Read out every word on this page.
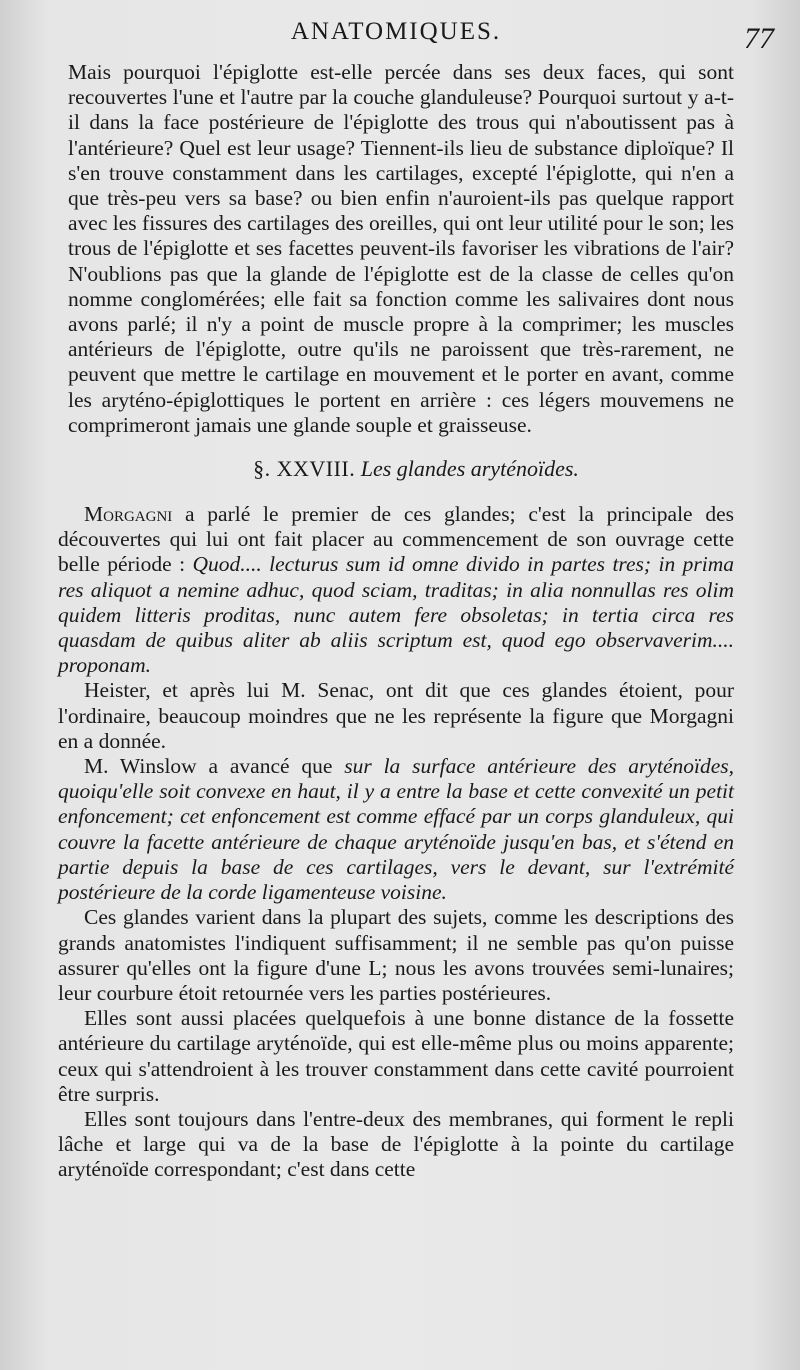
ANATOMIQUES.	77

Mais pourquoi l'épiglotte est-elle percée dans ses deux faces, qui sont recouvertes l'une et l'autre par la couche glanduleuse? Pourquoi surtout y a-t-il dans la face postérieure de l'épiglotte des trous qui n'aboutissent pas à l'antérieure? Quel est leur usage? Tiennent-ils lieu de substance diploïque? Il s'en trouve constamment dans les cartilages, excepté l'épiglotte, qui n'en a que très-peu vers sa base? ou bien enfin n'auroient-ils pas quelque rapport avec les fissures des cartilages des oreilles, qui ont leur utilité pour le son; les trous de l'épiglotte et ses facettes peuvent-ils favoriser les vibrations de l'air? N'oublions pas que la glande de l'épiglotte est de la classe de celles qu'on nomme conglomérées; elle fait sa fonction comme les salivaires dont nous avons parlé; il n'y a point de muscle propre à la comprimer; les muscles antérieurs de l'épiglotte, outre qu'ils ne paroissent que très-rarement, ne peuvent que mettre le cartilage en mouvement et le porter en avant, comme les aryténo-épiglottiques le portent en arrière : ces légers mouvemens ne comprimeront jamais une glande souple et graisseuse.

§. XXVIII. Les glandes aryténoïdes.

Morgagni a parlé le premier de ces glandes; c'est la principale des découvertes qui lui ont fait placer au commencement de son ouvrage cette belle période : Quod.... lecturus sum id omne divido in partes tres; in prima res aliquot a nemine adhuc, quod sciam, traditas; in alia nonnullas res olim quidem litteris proditas, nunc autem fere obsoletas; in tertia circa res quasdam de quibus aliter ab aliis scriptum est, quod ego observaverim.... proponam.

Heister, et après lui M. Senac, ont dit que ces glandes étoient, pour l'ordinaire, beaucoup moindres que ne les représente la figure que Morgagni en a donnée.

M. Winslow a avancé que sur la surface antérieure des aryténoïdes, quoiqu'elle soit convexe en haut, il y a entre la base et cette convexité un petit enfoncement; cet enfoncement est comme effacé par un corps glanduleux, qui couvre la facette antérieure de chaque aryténoïde jusqu'en bas, et s'étend en partie depuis la base de ces cartilages, vers le devant, sur l'extrémité postérieure de la corde ligamenteuse voisine.

Ces glandes varient dans la plupart des sujets, comme les descriptions des grands anatomistes l'indiquent suffisamment; il ne semble pas qu'on puisse assurer qu'elles ont la figure d'une L; nous les avons trouvées semi-lunaires; leur courbure étoit retournée vers les parties postérieures.

Elles sont aussi placées quelquefois à une bonne distance de la fossette antérieure du cartilage aryténoïde, qui est elle-même plus ou moins apparente; ceux qui s'attendroient à les trouver constamment dans cette cavité pourroient être surpris.

Elles sont toujours dans l'entre-deux des membranes, qui forment le repli lâche et large qui va de la base de l'épiglotte à la pointe du cartilage aryténoïde correspondant; c'est dans cette
